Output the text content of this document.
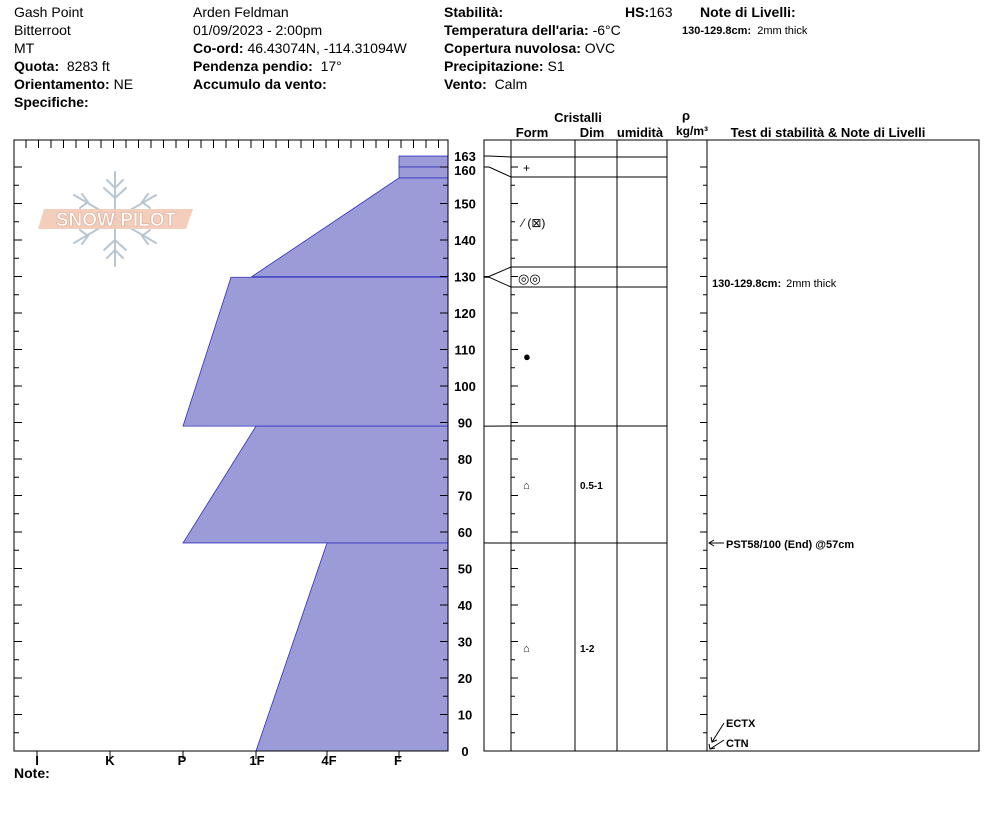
Gash Point
Bitterroot
MT
Quota: 8283 ft
Orientamento: NE
Specifiche:
Arden Feldman
01/09/2023 - 2:00pm
Co-ord: 46.43074N, -114.31094W
Pendenza pendio: 17°
Accumulo da vento:
Stabilità:	HS:163 Note di Livelli:
Temperatura dell'aria: -6°C	130-129.8cm: 2mm thick
Copertura nuvolosa: OVC
Precipitazione: S1
Vento: Calm
SNOW PILOT
I	K	P	1F	4F	F
Note:
0
10
20
30
40
50
60
70
80
90
100
110
120
130
140
150
160
163
Cristalli
Form Dim umidità
ρ
kg/m³ Test di stabilità & Note di Livelli
+
⁄ (⊠)
◎◎
●
⌂
⌂
0.5-1
1-2
130-129.8cm: 2mm thick
PST58/100 (End) @57cm
ECTX
CTN
